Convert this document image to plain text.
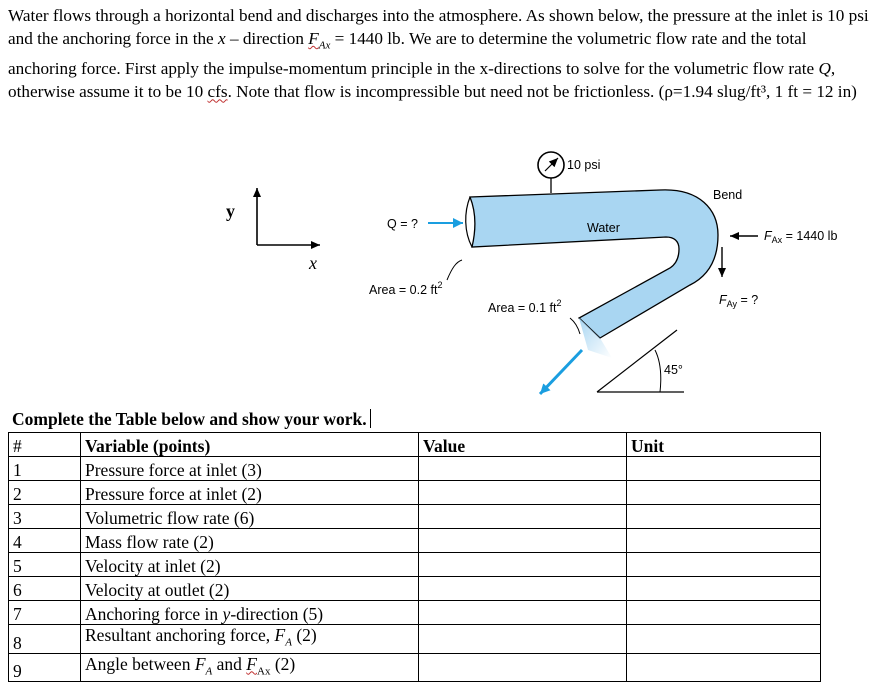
Water flows through a horizontal bend and discharges into the atmosphere. As shown below, the pressure at the inlet is 10 psi and the anchoring force in the x – direction $F_{Ax} = 1440$ lb. We are to determine the volumetric flow rate and the total anchoring force. First apply the impulse-momentum principle in the x-directions to solve for the volumetric flow rate Q, otherwise assume it to be 10 cfs. Note that flow is incompressible but need not be frictionless. (ρ=1.94 slug/ft³, 1 ft = 12 in)
y
x
10 psi
Water
Bend
Q = ?
Area = 0.2 $ft^2$
Area = 0.1 $ft^2$
$F_{Ax} = 1440$ lb
$F_{Ay}$ = ?
45°
Complete the Table below and show your work.
#	Variable (points)	Value	Unit
1	Pressure force at inlet (3)		
2	Pressure force at inlet (2)		
3	Volumetric flow rate (6)		
4	Mass flow rate (2)		
5	Velocity at inlet (2)		
6	Velocity at outlet (2)		
7	Anchoring force in y-direction (5)		
8	Resultant anchoring force, $F_A$ (2)		
9	Angle between $F_A$ and $F_{Ax}$ (2)		
